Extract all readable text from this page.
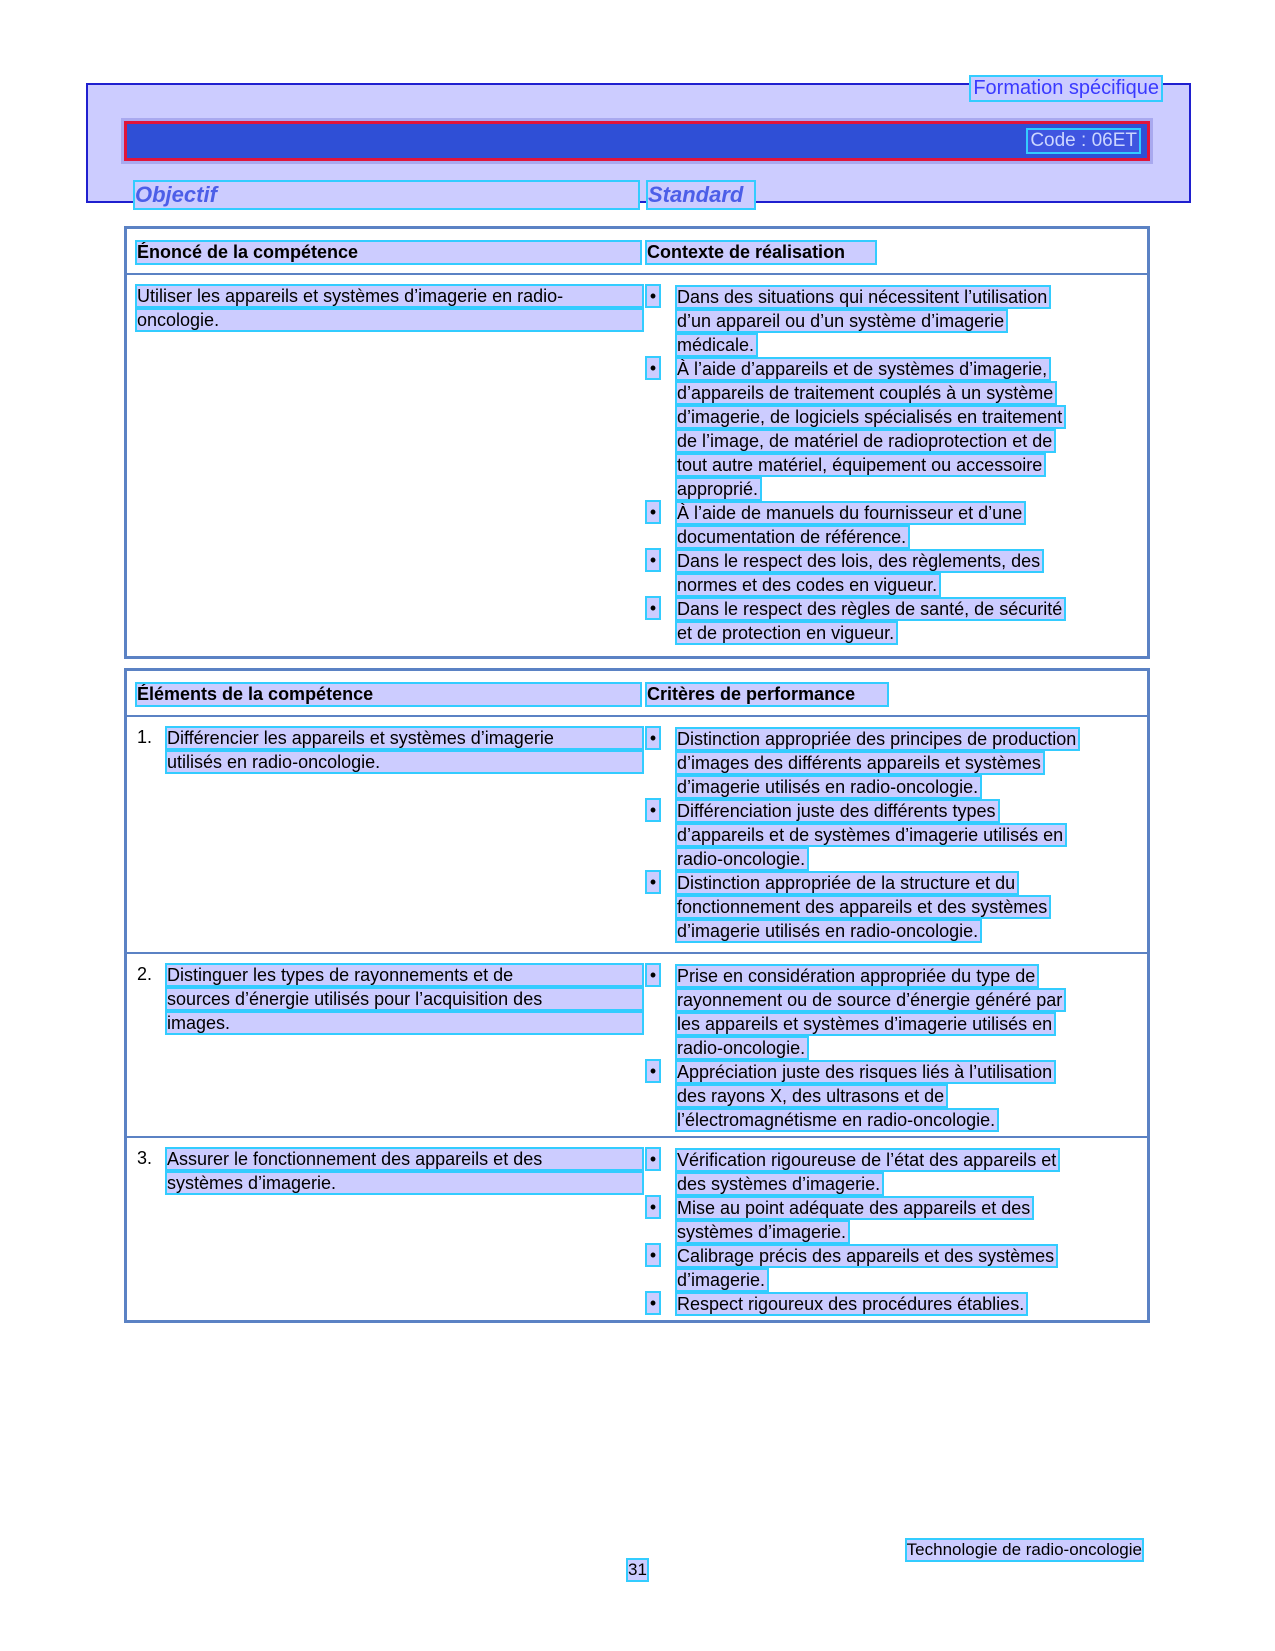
Formation spécifique
Code : 06ET
Objectif	Standard
Énoncé de la compétence	Contexte de réalisation
Utiliser les appareils et systèmes d’imagerie en radio-
oncologie.
• Dans des situations qui nécessitent l’utilisation
d’un appareil ou d’un système d’imagerie
médicale.
• À l’aide d’appareils et de systèmes d’imagerie,
d’appareils de traitement couplés à un système
d’imagerie, de logiciels spécialisés en traitement
de l’image, de matériel de radioprotection et de
tout autre matériel, équipement ou accessoire
approprié.
• À l’aide de manuels du fournisseur et d’une
documentation de référence.
• Dans le respect des lois, des règlements, des
normes et des codes en vigueur.
• Dans le respect des règles de santé, de sécurité
et de protection en vigueur.
Éléments de la compétence	Critères de performance
1. Différencier les appareils et systèmes d’imagerie
utilisés en radio-oncologie.
• Distinction appropriée des principes de production
d’images des différents appareils et systèmes
d’imagerie utilisés en radio-oncologie.
• Différenciation juste des différents types
d’appareils et de systèmes d’imagerie utilisés en
radio-oncologie.
• Distinction appropriée de la structure et du
fonctionnement des appareils et des systèmes
d’imagerie utilisés en radio-oncologie.
2. Distinguer les types de rayonnements et de
sources d’énergie utilisés pour l’acquisition des
images.
• Prise en considération appropriée du type de
rayonnement ou de source d’énergie généré par
les appareils et systèmes d’imagerie utilisés en
radio-oncologie.
• Appréciation juste des risques liés à l’utilisation
des rayons X, des ultrasons et de
l’électromagnétisme en radio-oncologie.
3. Assurer le fonctionnement des appareils et des
systèmes d’imagerie.
• Vérification rigoureuse de l’état des appareils et
des systèmes d’imagerie.
• Mise au point adéquate des appareils et des
systèmes d’imagerie.
• Calibrage précis des appareils et des systèmes
d’imagerie.
• Respect rigoureux des procédures établies.
Technologie de radio-oncologie
31
